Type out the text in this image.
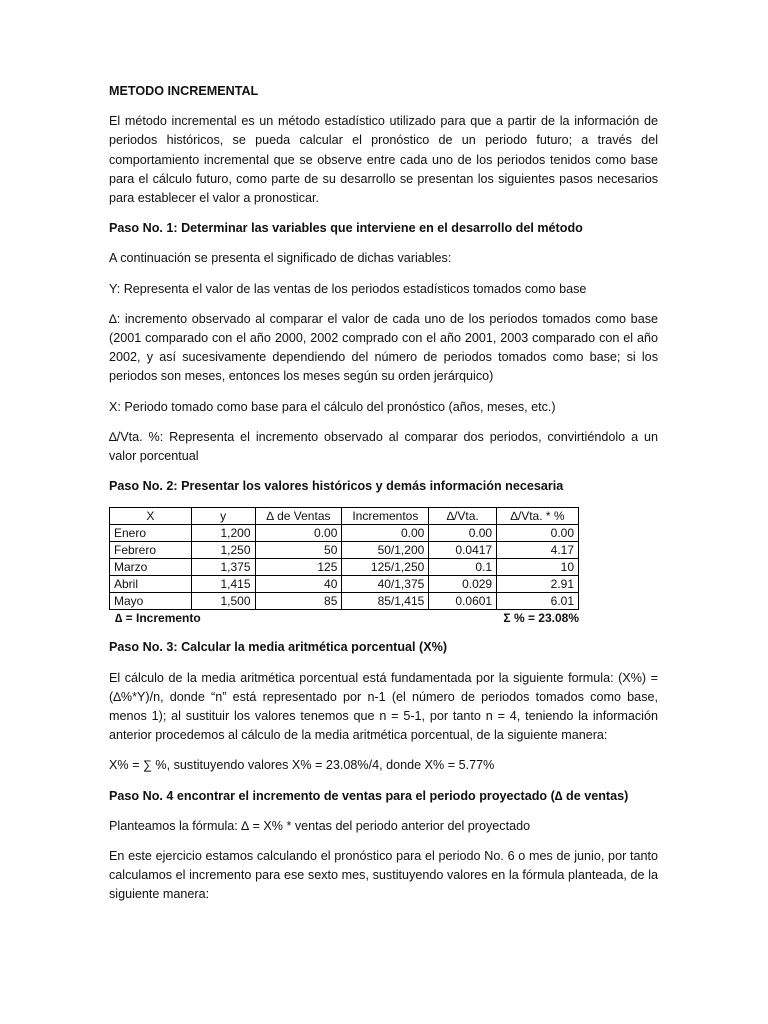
METODO INCREMENTAL

El método incremental es un método estadístico utilizado para que a partir de la información de periodos históricos, se pueda calcular el pronóstico de un periodo futuro; a través del comportamiento incremental que se observe entre cada uno de los periodos tenidos como base para el cálculo futuro, como parte de su desarrollo se presentan los siguientes pasos necesarios para establecer el valor a pronosticar.

Paso No. 1: Determinar las variables que interviene en el desarrollo del método

A continuación se presenta el significado de dichas variables:

Y: Representa el valor de las ventas de los periodos estadísticos tomados como base

∆: incremento observado al comparar el valor de cada uno de los periodos tomados como base (2001 comparado con el año 2000, 2002 comprado con el año 2001, 2003 comparado con el año 2002, y así sucesivamente dependiendo del número de periodos tomados como base; si los periodos son meses, entonces los meses según su orden jerárquico)

X: Periodo tomado como base para el cálculo del pronóstico (años, meses, etc.)

∆/Vta. %: Representa el incremento observado al comparar dos periodos, convirtiéndolo a un valor porcentual

Paso No. 2: Presentar los valores históricos y demás información necesaria

X	y	∆ de Ventas	Incrementos	∆/Vta.	∆/Vta. * %
Enero	1,200	0.00	0.00	0.00	0.00
Febrero	1,250	50	50/1,200	0.0417	4.17
Marzo	1,375	125	125/1,250	0.1	10
Abril	1,415	40	40/1,375	0.029	2.91
Mayo	1,500	85	85/1,415	0.0601	6.01
∆ = Incremento	Σ % = 23.08%

Paso No. 3: Calcular la media aritmética porcentual (X%)

El cálculo de la media aritmética porcentual está fundamentada por la siguiente formula: (X%) = (∆%*Y)/n, donde “n” está representado por n-1 (el número de periodos tomados como base, menos 1); al sustituir los valores tenemos que n = 5-1, por tanto n = 4, teniendo la información anterior procedemos al cálculo de la media aritmética porcentual, de la siguiente manera:

X% = ∑ %, sustituyendo valores X% = 23.08%/4, donde X% = 5.77%

Paso No. 4 encontrar el incremento de ventas para el periodo proyectado (∆ de ventas)

Planteamos la fórmula: ∆ = X% * ventas del periodo anterior del proyectado

En este ejercicio estamos calculando el pronóstico para el periodo No. 6 o mes de junio, por tanto calculamos el incremento para ese sexto mes, sustituyendo valores en la fórmula planteada, de la siguiente manera:
